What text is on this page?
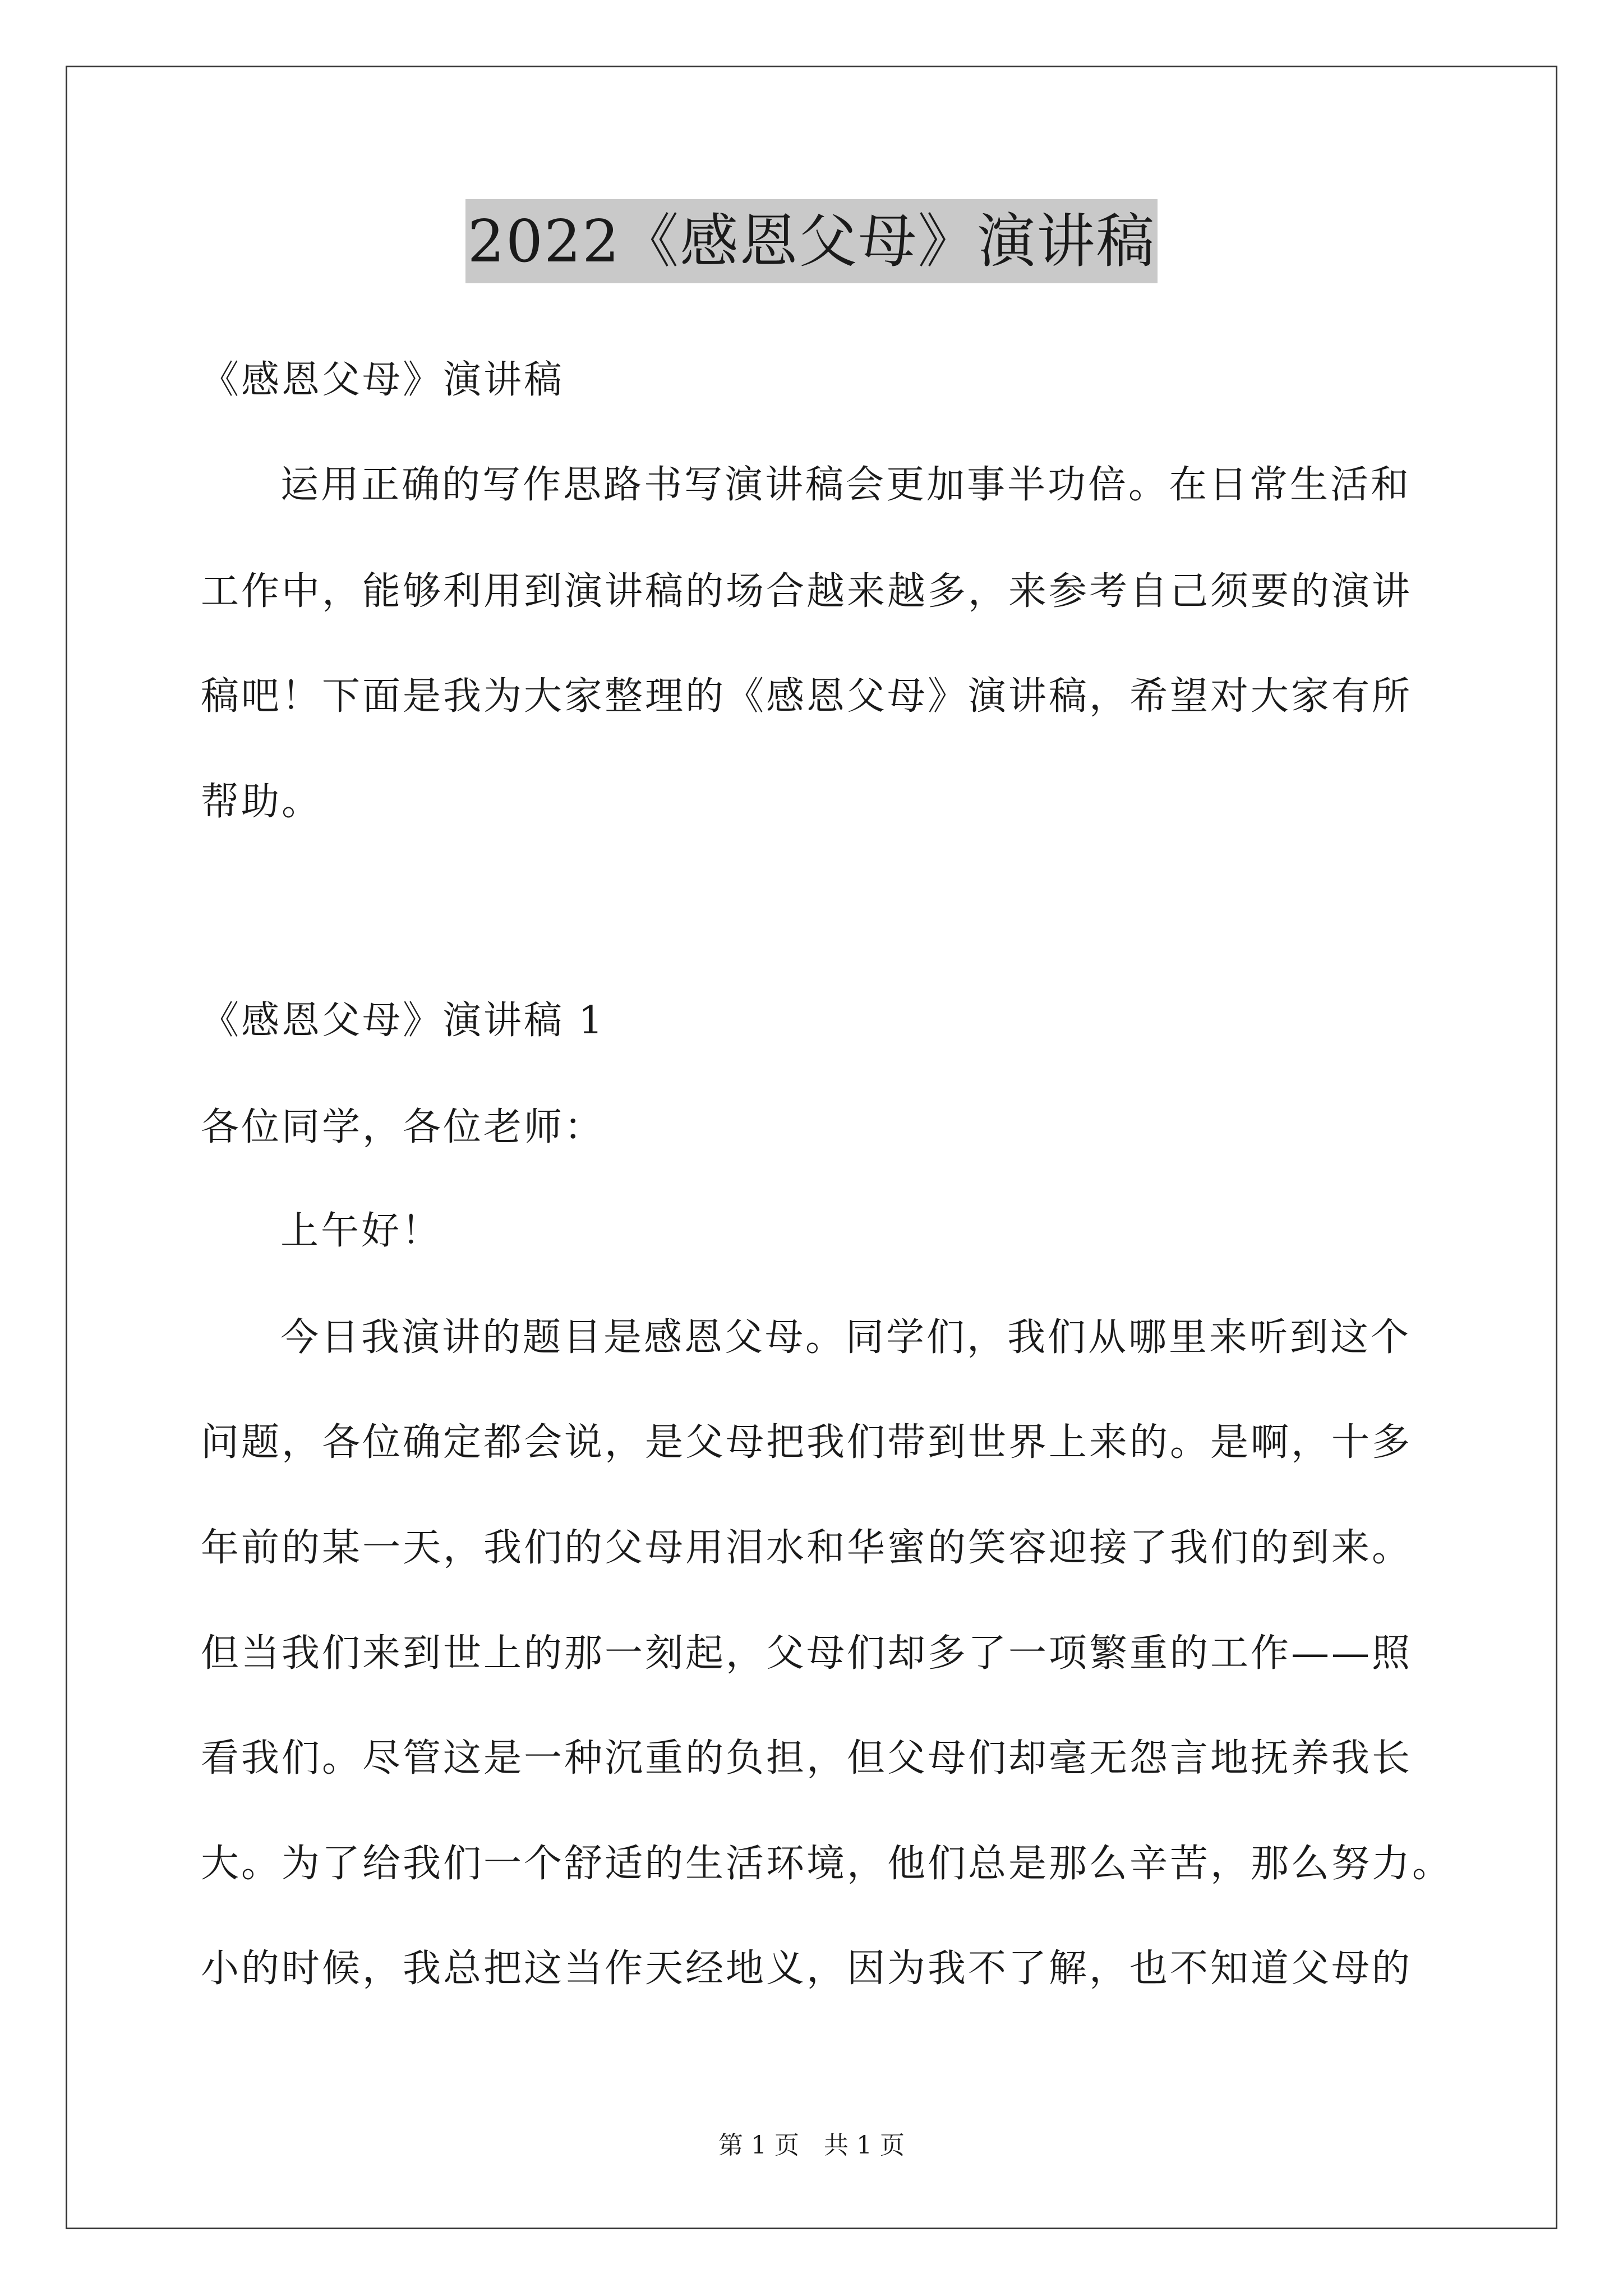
2022《感恩父母》演讲稿
《感恩父母》演讲稿
运用正确的写作思路书写演讲稿会更加事半功倍。在日常生活和
工作中，能够利用到演讲稿的场合越来越多，来参考自己须要的演讲
稿吧！下面是我为大家整理的《感恩父母》演讲稿，希望对大家有所
帮助。
《感恩父母》演讲稿 1
各位同学，各位老师：
上午好！
今日我演讲的题目是感恩父母。同学们，我们从哪里来听到这个
问题，各位确定都会说，是父母把我们带到世界上来的。是啊，十多
年前的某一天，我们的父母用泪水和华蜜的笑容迎接了我们的到来。
但当我们来到世上的那一刻起，父母们却多了一项繁重的工作——照
看我们。尽管这是一种沉重的负担，但父母们却毫无怨言地抚养我长
大。为了给我们一个舒适的生活环境，他们总是那么辛苦，那么努力。
小的时候，我总把这当作天经地义，因为我不了解，也不知道父母的
第 1 页　共 1 页
